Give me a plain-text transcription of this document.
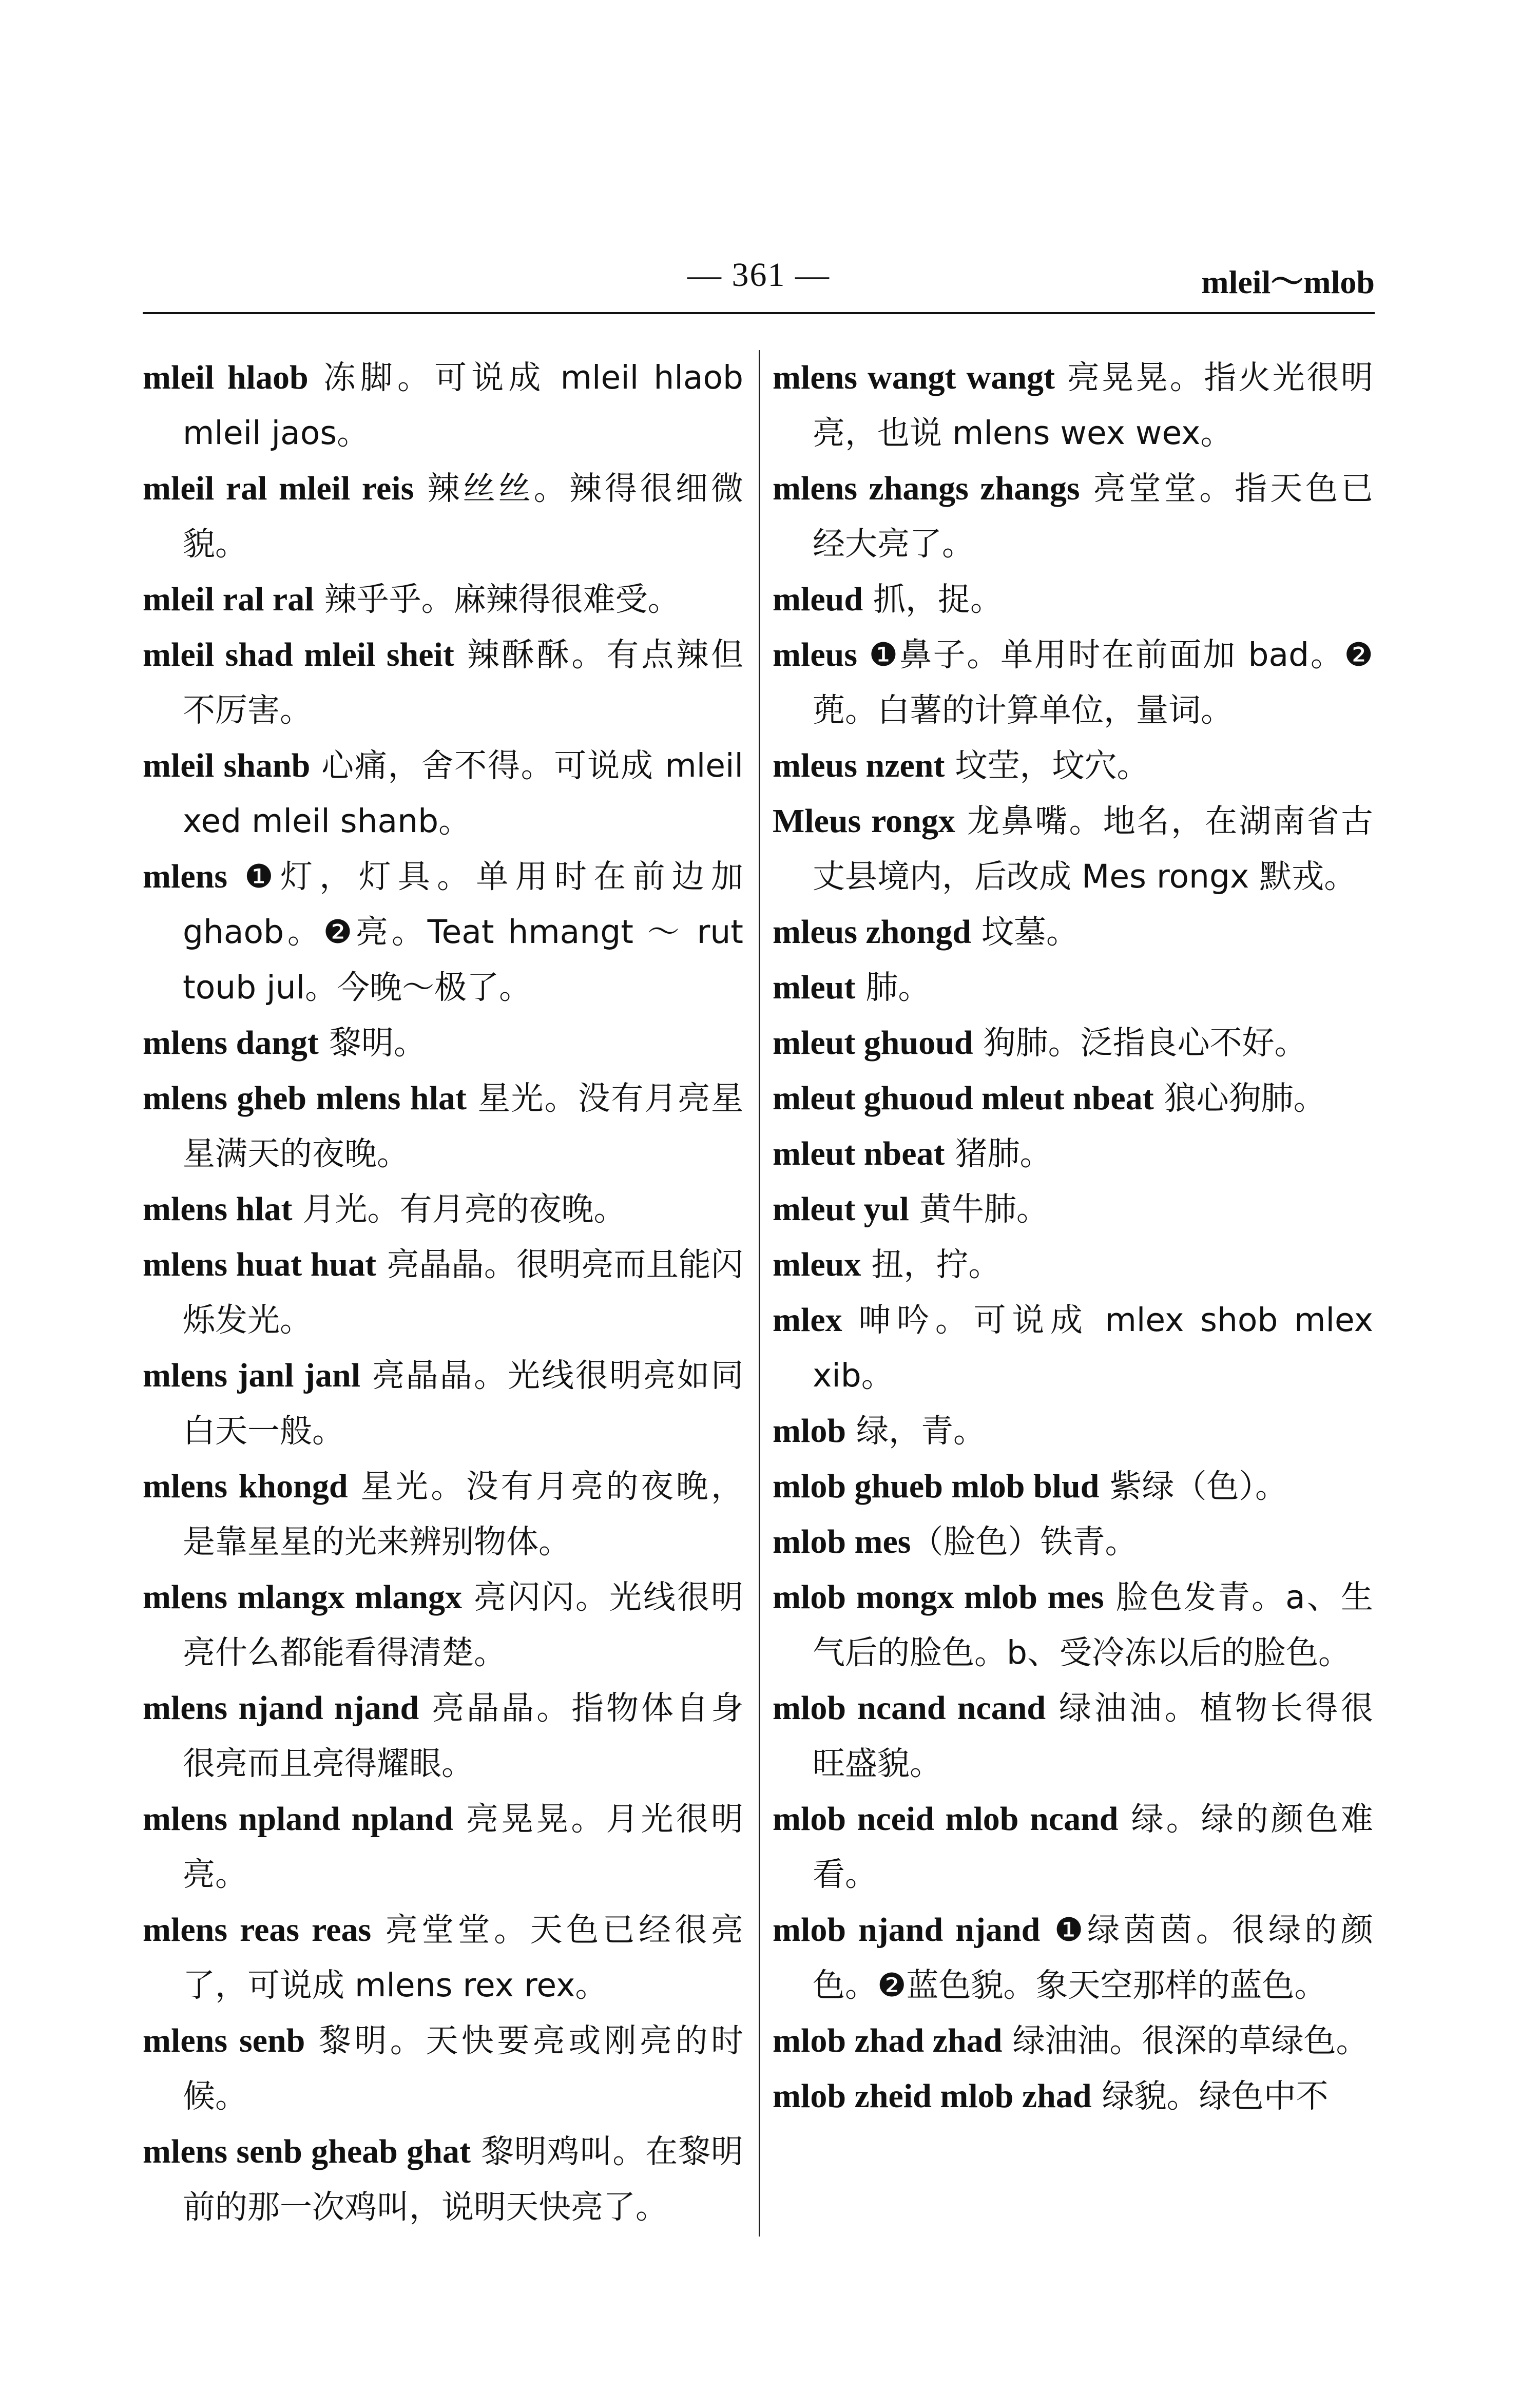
— 361 —	mleil～mlob

mleil hlaob 冻脚。可说成 mleil hlaob mleil jaos。

mleil ral mleil reis 辣丝丝。辣得很细微貌。

mleil ral ral 辣乎乎。麻辣得很难受。

mleil shad mleil sheit 辣酥酥。有点辣但不厉害。

mleil shanb 心痛，舍不得。可说成 mleil xed mleil shanb。

mlens ❶灯，灯具。单用时在前边加 ghaob。❷亮。Teat hmangt ～ rut toub jul。今晚～极了。

mlens dangt 黎明。

mlens gheb mlens hlat 星光。没有月亮星星满天的夜晚。

mlens hlat 月光。有月亮的夜晚。

mlens huat huat 亮晶晶。很明亮而且能闪烁发光。

mlens janl janl 亮晶晶。光线很明亮如同白天一般。

mlens khongd 星光。没有月亮的夜晚，是靠星星的光来辨别物体。

mlens mlangx mlangx 亮闪闪。光线很明亮什么都能看得清楚。

mlens njand njand 亮晶晶。指物体自身很亮而且亮得耀眼。

mlens npland npland 亮晃晃。月光很明亮。

mlens reas reas 亮堂堂。天色已经很亮了，可说成 mlens rex rex。

mlens senb 黎明。天快要亮或刚亮的时候。

mlens senb gheab ghat 黎明鸡叫。在黎明前的那一次鸡叫，说明天快亮了。

mlens wangt wangt 亮晃晃。指火光很明亮，也说 mlens wex wex。

mlens zhangs zhangs 亮堂堂。指天色已经大亮了。

mleud 抓，捉。

mleus ❶鼻子。单用时在前面加 bad。❷蔸。白薯的计算单位，量词。

mleus nzent 坟茔，坟穴。

Mleus rongx 龙鼻嘴。地名，在湖南省古丈县境内，后改成 Mes rongx 默戎。

mleus zhongd 坟墓。

mleut 肺。

mleut ghuoud 狗肺。泛指良心不好。

mleut ghuoud mleut nbeat 狼心狗肺。

mleut nbeat 猪肺。

mleut yul 黄牛肺。

mleux 扭，拧。

mlex 呻吟。可说成 mlex shob mlex xib。

mlob 绿，青。

mlob ghueb mlob blud 紫绿（色）。

mlob mes（脸色）铁青。

mlob mongx mlob mes 脸色发青。a、生气后的脸色。b、受冷冻以后的脸色。

mlob ncand ncand 绿油油。植物长得很旺盛貌。

mlob nceid mlob ncand 绿。绿的颜色难看。

mlob njand njand ❶绿茵茵。很绿的颜色。❷蓝色貌。象天空那样的蓝色。

mlob zhad zhad 绿油油。很深的草绿色。

mlob zheid mlob zhad 绿貌。绿色中不
